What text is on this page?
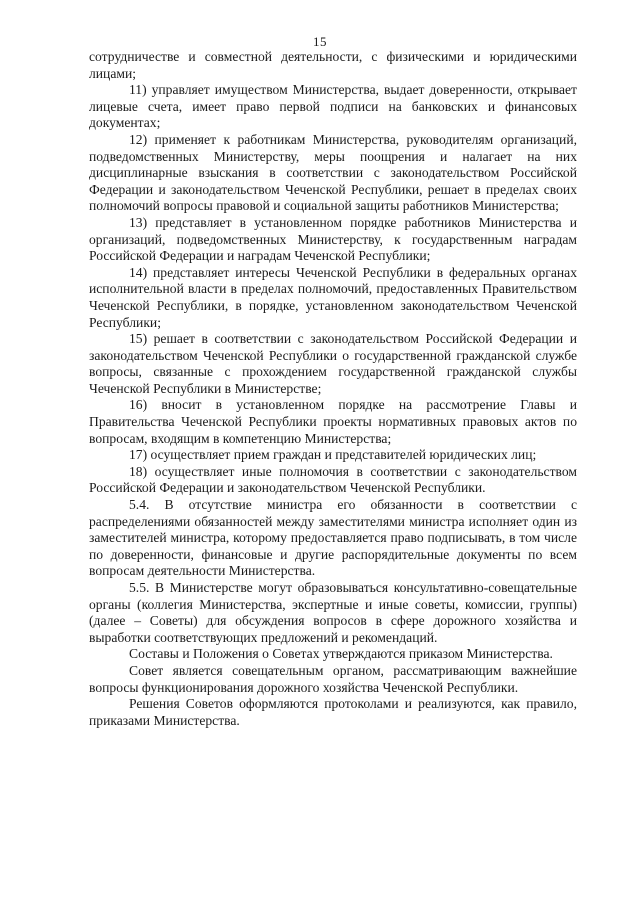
15

сотрудничестве и совместной деятельности, с физическими и юридическими лицами;

11) управляет имуществом Министерства, выдает доверенности, открывает лицевые счета, имеет право первой подписи на банковских и финансовых документах;

12) применяет к работникам Министерства, руководителям организаций, подведомственных Министерству, меры поощрения и налагает на них дисциплинарные взыскания в соответствии с законодательством Российской Федерации и законодательством Чеченской Республики, решает в пределах своих полномочий вопросы правовой и социальной защиты работников Министерства;

13) представляет в установленном порядке работников Министерства и организаций, подведомственных Министерству, к государственным наградам Российской Федерации и наградам Чеченской Республики;

14) представляет интересы Чеченской Республики в федеральных органах исполнительной власти в пределах полномочий, предоставленных Правительством Чеченской Республики, в порядке, установленном законодательством Чеченской Республики;

15) решает в соответствии с законодательством Российской Федерации и законодательством Чеченской Республики о государственной гражданской службе вопросы, связанные с прохождением государственной гражданской службы Чеченской Республики в Министерстве;

16) вносит в установленном порядке на рассмотрение Главы и Правительства Чеченской Республики проекты нормативных правовых актов по вопросам, входящим в компетенцию Министерства;

17) осуществляет прием граждан и представителей юридических лиц;

18) осуществляет иные полномочия в соответствии с законодательством Российской Федерации и законодательством Чеченской Республики.

5.4. В отсутствие министра его обязанности в соответствии с распределениями обязанностей между заместителями министра исполняет один из заместителей министра, которому предоставляется право подписывать, в том числе по доверенности, финансовые и другие распорядительные документы по всем вопросам деятельности Министерства.

5.5. В Министерстве могут образовываться консультативно-совещательные органы (коллегия Министерства, экспертные и иные советы, комиссии, группы) (далее – Советы) для обсуждения вопросов в сфере дорожного хозяйства и выработки соответствующих предложений и рекомендаций.

Составы и Положения о Советах утверждаются приказом Министерства.

Совет является совещательным органом, рассматривающим важнейшие вопросы функционирования дорожного хозяйства Чеченской Республики.

Решения Советов оформляются протоколами и реализуются, как правило, приказами Министерства.
